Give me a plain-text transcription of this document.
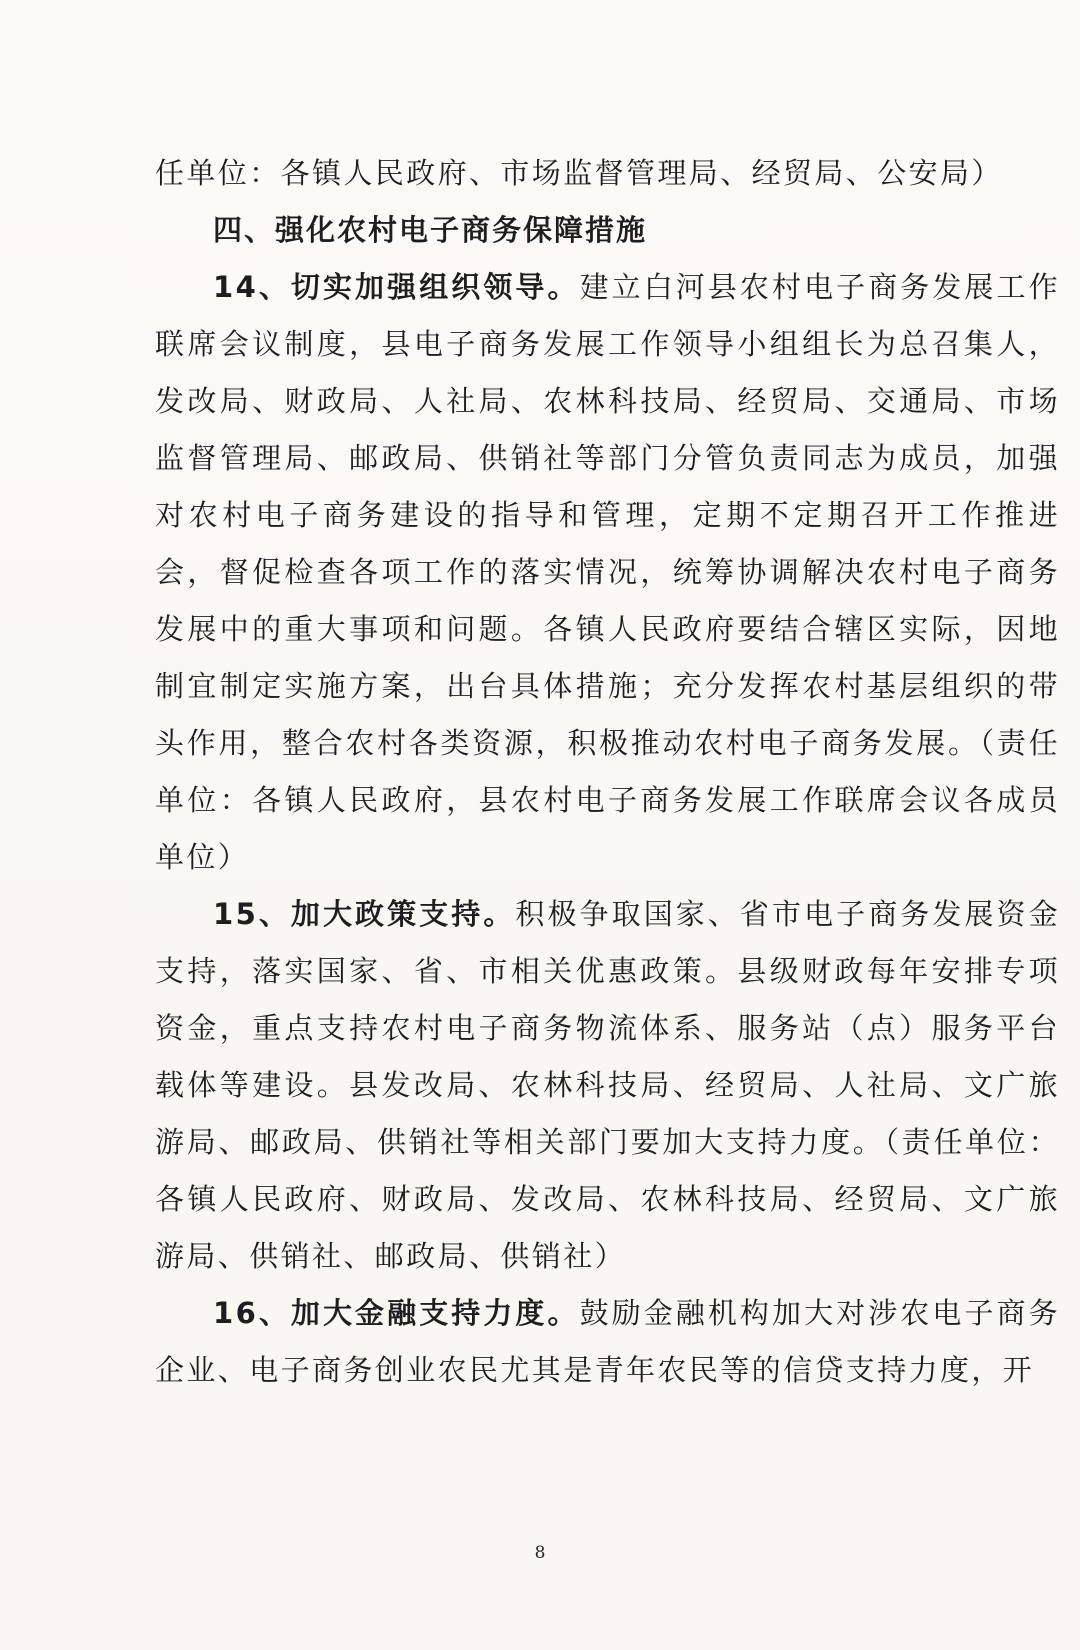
任单位：各镇人民政府、市场监督管理局、经贸局、公安局）

四、强化农村电子商务保障措施

14、切实加强组织领导。建立白河县农村电子商务发展工作联席会议制度，县电子商务发展工作领导小组组长为总召集人，发改局、财政局、人社局、农林科技局、经贸局、交通局、市场监督管理局、邮政局、供销社等部门分管负责同志为成员，加强对农村电子商务建设的指导和管理，定期不定期召开工作推进会，督促检查各项工作的落实情况，统筹协调解决农村电子商务发展中的重大事项和问题。各镇人民政府要结合辖区实际，因地制宜制定实施方案，出台具体措施；充分发挥农村基层组织的带头作用，整合农村各类资源，积极推动农村电子商务发展。（责任单位：各镇人民政府，县农村电子商务发展工作联席会议各成员单位）

15、加大政策支持。积极争取国家、省市电子商务发展资金支持，落实国家、省、市相关优惠政策。县级财政每年安排专项资金，重点支持农村电子商务物流体系、服务站（点）服务平台载体等建设。县发改局、农林科技局、经贸局、人社局、文广旅游局、邮政局、供销社等相关部门要加大支持力度。（责任单位：各镇人民政府、财政局、发改局、农林科技局、经贸局、文广旅游局、供销社、邮政局、供销社）

16、加大金融支持力度。鼓励金融机构加大对涉农电子商务企业、电子商务创业农民尤其是青年农民等的信贷支持力度，开

8
